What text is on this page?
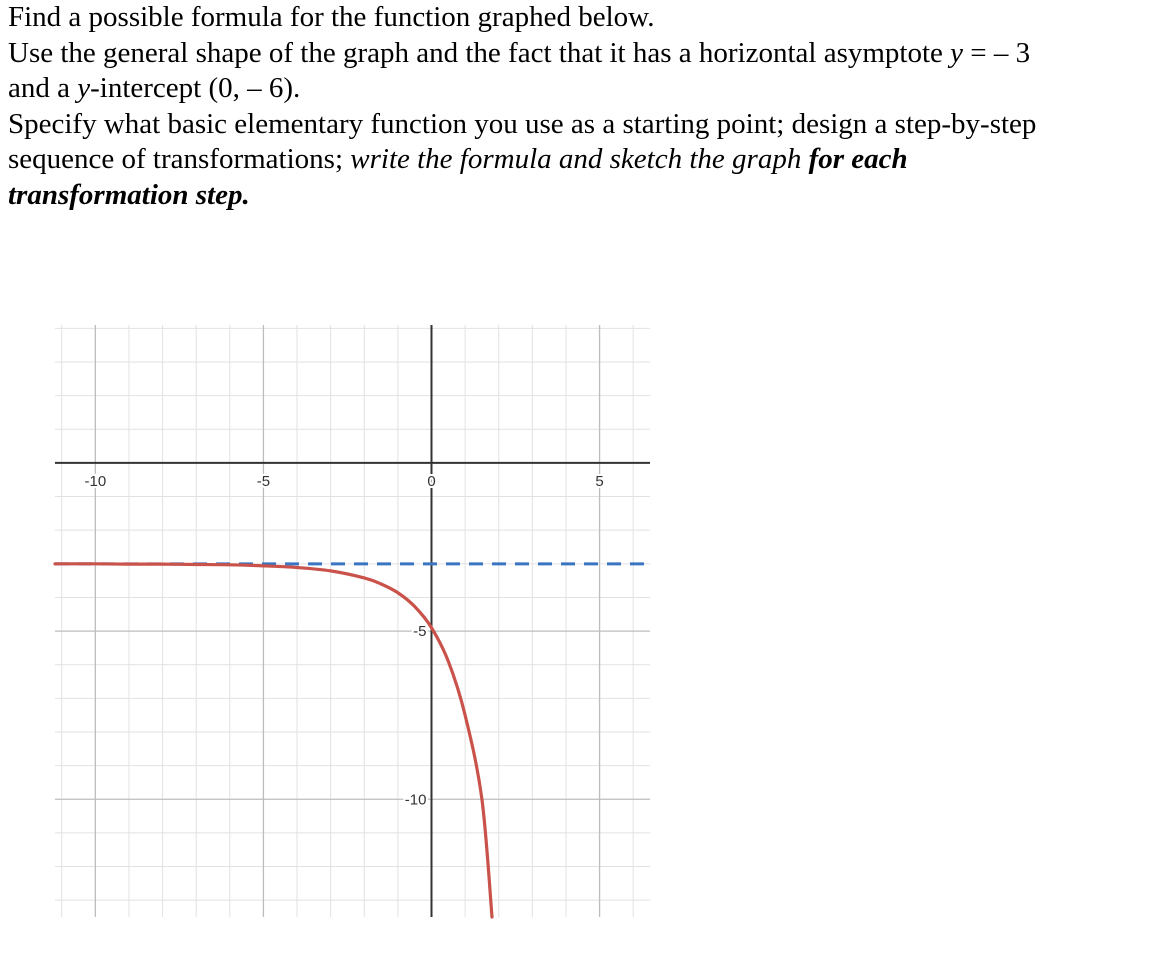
Find a possible formula for the function graphed below.

Use the general shape of the graph and the fact that it has a horizontal asymptote y = – 3

and a y-intercept (0, – 6).

Specify what basic elementary function you use as a starting point; design a step-by-step

sequence of transformations; write the formula and sketch the graph for each

transformation step.

-10	-5	0	5
-5
-10
